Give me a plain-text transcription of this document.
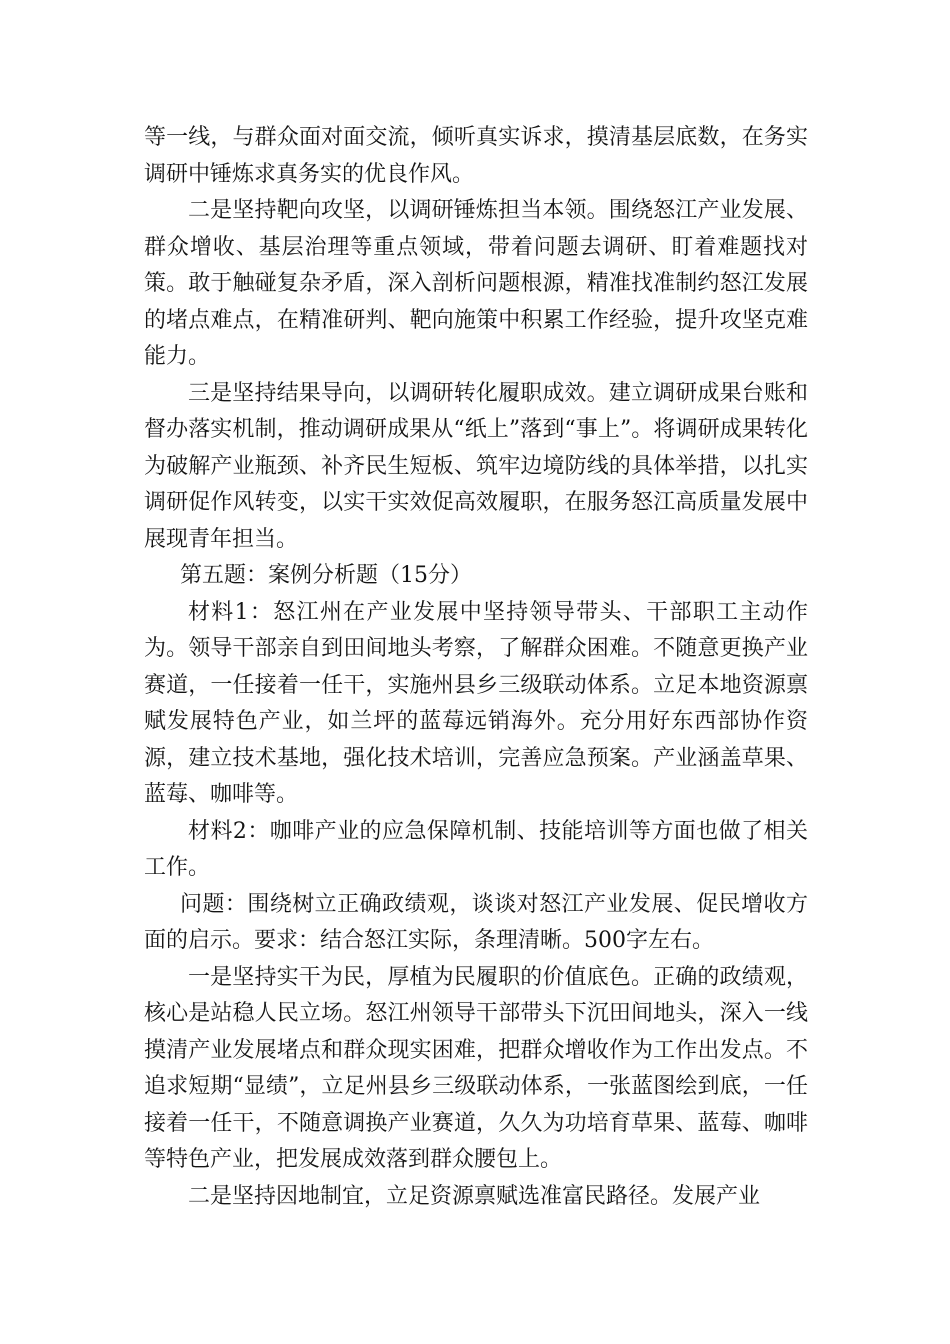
等一线，与群众面对面交流，倾听真实诉求，摸清基层底数，在务实调研中锤炼求真务实的优良作风。

二是坚持靶向攻坚，以调研锤炼担当本领。围绕怒江产业发展、群众增收、基层治理等重点领域，带着问题去调研、盯着难题找对策。敢于触碰复杂矛盾，深入剖析问题根源，精准找准制约怒江发展的堵点难点，在精准研判、靶向施策中积累工作经验，提升攻坚克难能力。

三是坚持结果导向，以调研转化履职成效。建立调研成果台账和督办落实机制，推动调研成果从“纸上”落到“事上”。将调研成果转化为破解产业瓶颈、补齐民生短板、筑牢边境防线的具体举措，以扎实调研促作风转变，以实干实效促高效履职，在服务怒江高质量发展中展现青年担当。

第五题：案例分析题（15分）

材料1：怒江州在产业发展中坚持领导带头、干部职工主动作为。领导干部亲自到田间地头考察，了解群众困难。不随意更换产业赛道，一任接着一任干，实施州县乡三级联动体系。立足本地资源禀赋发展特色产业，如兰坪的蓝莓远销海外。充分用好东西部协作资源，建立技术基地，强化技术培训，完善应急预案。产业涵盖草果、蓝莓、咖啡等。

材料2：咖啡产业的应急保障机制、技能培训等方面也做了相关工作。

问题：围绕树立正确政绩观，谈谈对怒江产业发展、促民增收方面的启示。要求：结合怒江实际，条理清晰。500字左右。

一是坚持实干为民，厚植为民履职的价值底色。正确的政绩观，核心是站稳人民立场。怒江州领导干部带头下沉田间地头，深入一线摸清产业发展堵点和群众现实困难，把群众增收作为工作出发点。不追求短期“显绩”，立足州县乡三级联动体系，一张蓝图绘到底，一任接着一任干，不随意调换产业赛道，久久为功培育草果、蓝莓、咖啡等特色产业，把发展成效落到群众腰包上。

二是坚持因地制宜，立足资源禀赋选准富民路径。发展产业
